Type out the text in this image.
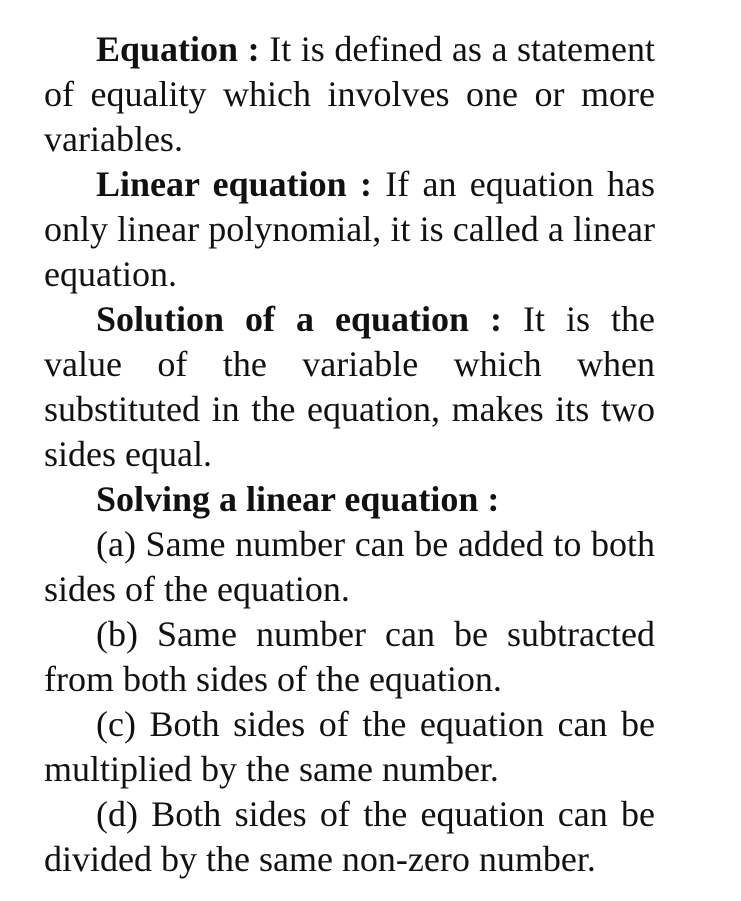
Equation : It is defined as a statement of equality which involves one or more variables.

Linear equation : If an equation has only linear polynomial, it is called a linear equation.

Solution of a equation : It is the value of the variable which when substituted in the equation, makes its two sides equal.

Solving a linear equation :

(a) Same number can be added to both sides of the equation.

(b) Same number can be subtracted from both sides of the equation.

(c) Both sides of the equation can be multiplied by the same number.

(d) Both sides of the equation can be divided by the same non-zero number.
